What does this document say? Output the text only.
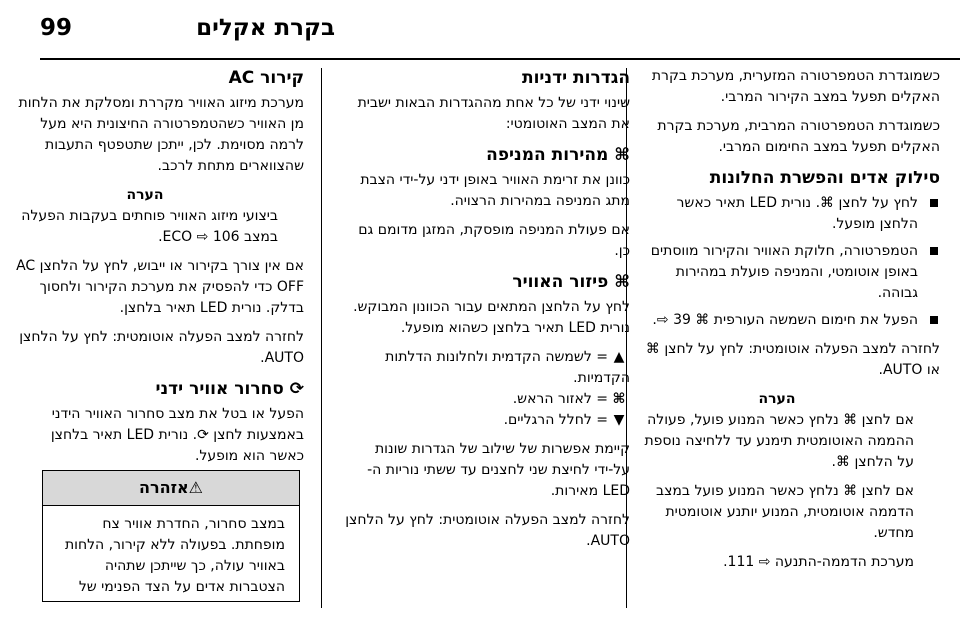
99	בקרת אקלים

כשמוגדרת הטמפרטורה המזערית, מערכת בקרת האקלים תפעל במצב הקירור המרבי.

כשמוגדרת הטמפרטורה המרבית, מערכת בקרת האקלים תפעל במצב החימום המרבי.

סילוק אדים והפשרת החלונות
לחץ על לחצן ⌘. נורית LED תאיר כאשר הלחצן מופעל.
הטמפרטורה, חלוקת האוויר והקירור מווסתים באופן אוטומטי, והמניפה פועלת במהירות גבוהה.
הפעל את חימום השמשה העורפית ⌘ 39 ⇨.

לחזרה למצב הפעלה אוטומטית: לחץ על לחצן ⌘ או AUTO.

הערה

אם לחצן ⌘ נלחץ כאשר המנוע פועל, פעולה ההממה האוטומטית תימנע עד ללחיצה נוספת על הלחצן ⌘.

אם לחצן ⌘ נלחץ כאשר המנוע פועל במצב הדממה אוטומטית, המנוע יותנע אוטומטית מחדש.

מערכת הדממה-התנעה ⇨ 111.

הגדרות ידניות

שינוי ידני של כל אחת מההגדרות הבאות ישבית את המצב האוטומטי:

⌘ מהירות המניפה

כוונן את זרימת האוויר באופן ידני על-ידי הצבת מתג המניפה במהירות הרצויה.

אם פעולת המניפה מופסקת, המזגן מדומם גם כן.

⌘ פיזור האוויר

לחץ על הלחצן המתאים עבור הכוונון המבוקש. נורית LED תאיר בלחצן כשהוא מופעל.

▲= לשמשה הקדמית ולחלונות הדלתות הקדמיות.
⌘= לאזור הראש.
▼= לחלל הרגליים.

קיימת אפשרות של שילוב של הגדרות שונות על-ידי לחיצת שני לחצנים עד ששתי נוריות ה-LED מאירות.

לחזרה למצב הפעלה אוטומטית: לחץ על הלחצן AUTO.

קירור AC

מערכת מיזוג האוויר מקררת ומסלקת את הלחות מן האוויר כשהטמפרטורה החיצונית היא מעל לרמה מסוימת. לכן, ייתכן שתטפטף התעבות שהצווארים מתחת לרכב.

הערה

ביצועי מיזוג האוויר פוחתים בעקבות הפעלה במצב ECO ⇨ 106.

אם אין צורך בקירור או ייבוש, לחץ על הלחצן AC OFF כדי להפסיק את מערכת הקירור ולחסוך בדלק. נורית LED תאיר בלחצן.

לחזרה למצב הפעלה אוטומטית: לחץ על הלחצן AUTO.

⟳ סחרור אוויר ידני

הפעל או בטל את מצב סחרור האוויר הידני באמצעות לחצן ⟳. נורית LED תאיר בלחצן כאשר הוא מופעל.

⚠אזהרה
במצב סחרור, החדרת אוויר צח מופחתת. בפעולה ללא קירור, הלחות באוויר עולה, כך שייתכן שתהיה הצטברות אדים על הצד הפנימי של
